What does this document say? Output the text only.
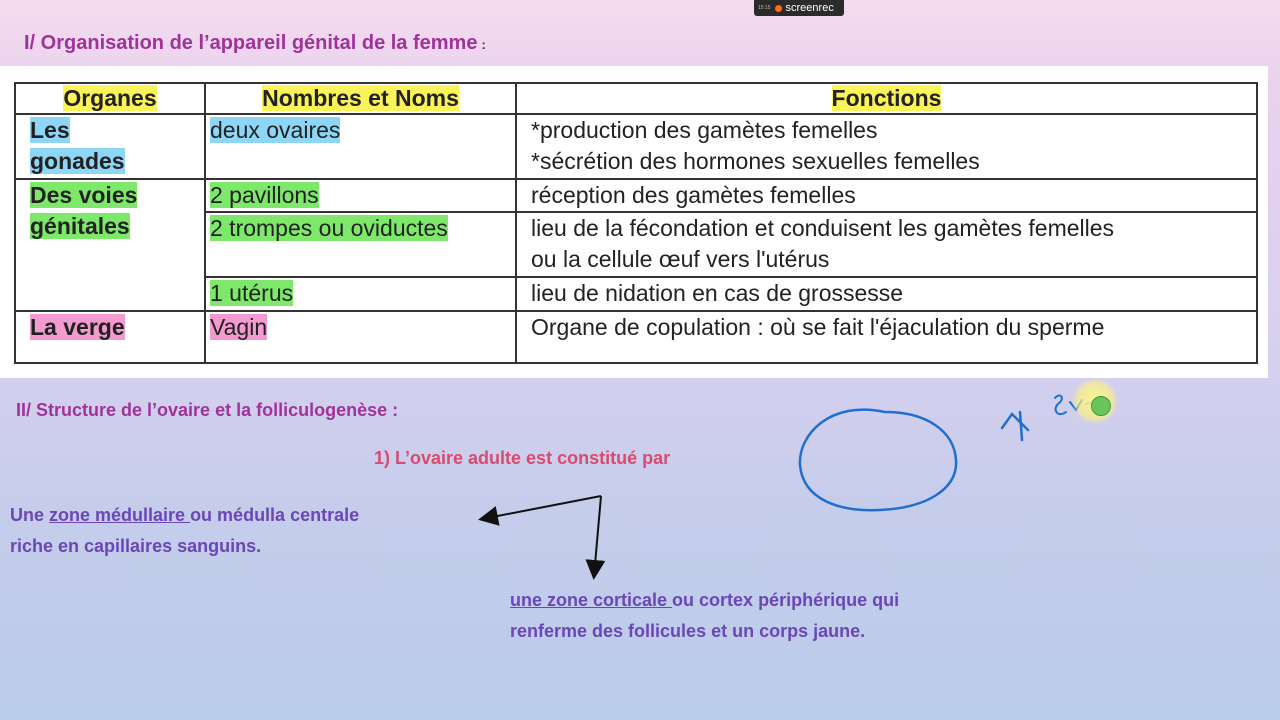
15:15 screenrec
I/ Organisation de l’appareil génital de la femme :
Organes	Nombres et Noms	Fonctions
Les
gonades	deux ovaires	*production des gamètes femelles
*sécrétion des hormones sexuelles femelles
Des voies
génitales	2 pavillons	réception des gamètes femelles
	2 trompes ou oviductes	lieu de la fécondation et conduisent les gamètes femelles
ou la cellule œuf vers l'utérus
	1 utérus	lieu de nidation en cas de grossesse
La verge	Vagin	Organe de copulation : où se fait l'éjaculation du sperme
II/ Structure de l’ovaire et la folliculogenèse :
1) L’ovaire adulte est constitué par
Une zone médullaire ou médulla centrale
riche en capillaires sanguins.
une zone corticale ou cortex périphérique qui
renferme des follicules et un corps jaune.
